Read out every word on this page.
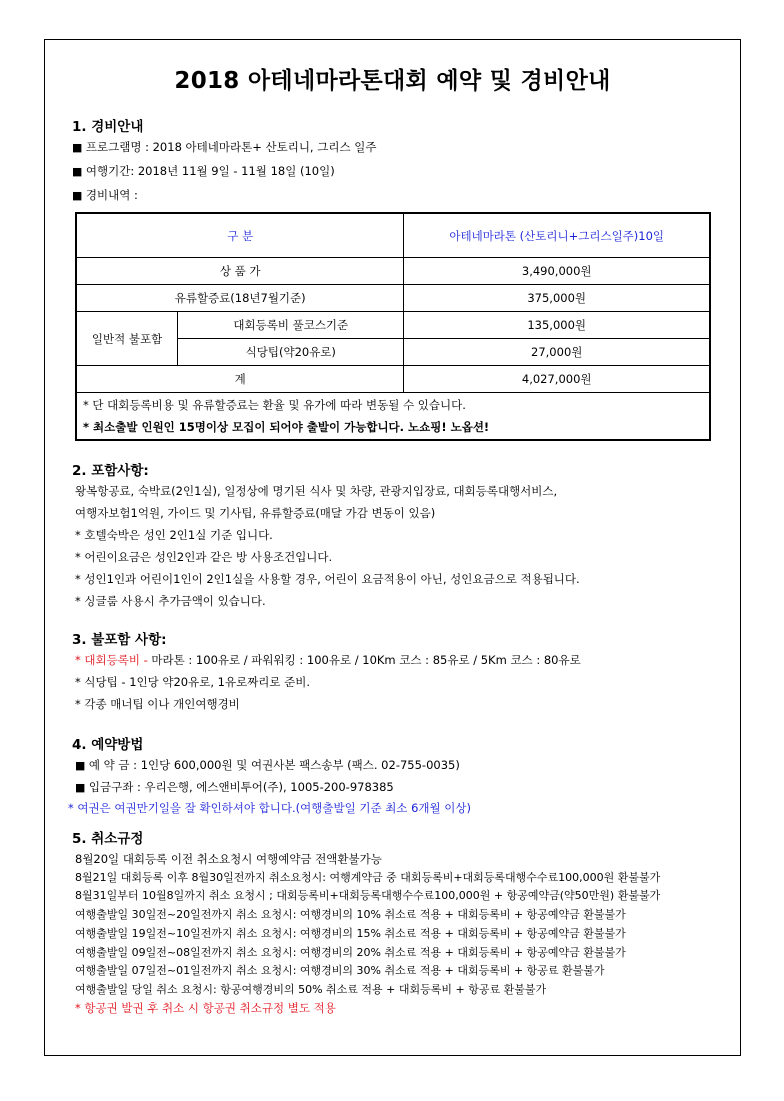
2018 아테네마라톤대회 예약 및 경비안내
1. 경비안내
■ 프로그램명 : 2018 아테네마라톤+ 산토리니, 그리스 일주
■ 여행기간: 2018년 11월 9일 - 11월 18일 (10일)
■ 경비내역 :
구 분		아테네마라톤 (산토리니+그리스일주)10일
상 품 가		3,490,000원
유류할증료(18년7월기준)		375,000원
일반적 불포함	대회등록비 풀코스기준	135,000원
	식당팁(약20유로)	27,000원
계		4,027,000원

* 단 대회등록비용 및 유류할증료는 환율 및 유가에 따라 변동될 수 있습니다.
* 최소출발 인원인 15명이상 모집이 되어야 출발이 가능합니다. 노쇼핑! 노옵션!		
2. 포함사항:
왕복항공료, 숙박료(2인1실), 일정상에 명기된 식사 및 차량, 관광지입장료, 대회등록대행서비스,
여행자보험1억원, 가이드 및 기사팁, 유류할증료(매달 가감 변동이 있음)
* 호텔숙박은 성인 2인1실 기준 입니다.
* 어린이요금은 성인2인과 같은 방 사용조건입니다.
* 성인1인과 어린이1인이 2인1실을 사용할 경우, 어린이 요금적용이 아닌, 성인요금으로 적용됩니다.
* 싱글룸 사용시 추가금액이 있습니다.
3. 불포함 사항:
* 대회등록비 - 마라톤 : 100유로 / 파워워킹 : 100유로 / 10Km 코스 : 85유로 / 5Km 코스 : 80유로
* 식당팁 - 1인당 약20유로, 1유로짜리로 준비.
* 각종 매너팁 이나 개인여행경비
4. 예약방법
■ 예 약 금 : 1인당 600,000원 및 여권사본 팩스송부 (팩스. 02-755-0035)
■ 입금구좌 : 우리은행, 에스앤비투어(주), 1005-200-978385
* 여권은 여권만기일을 잘 확인하셔야 합니다.(여행출발일 기준 최소 6개월 이상)
5. 취소규정
8월20일 대회등록 이전 취소요청시 여행예약금 전액환불가능
8월21일 대회등록 이후 8월30일전까지 취소요청시: 여행계약금 중 대회등록비+대회등록대행수수료100,000원 환불불가
8월31일부터 10월8일까지 취소 요청시 ; 대회등록비+대회등록대행수수료100,000원 + 항공예약금(약50만원) 환불불가
여행출발일 30일전~20일전까지 취소 요청시: 여행경비의 10% 취소료 적용 + 대회등록비 + 항공예약금 환불불가
여행출발일 19일전~10일전까지 취소 요청시: 여행경비의 15% 취소료 적용 + 대회등록비 + 항공예약금 환불불가
여행출발일 09일전~08일전까지 취소 요청시: 여행경비의 20% 취소료 적용 + 대회등록비 + 항공예약금 환불불가
여행출발일 07일전~01일전까지 취소 요청시: 여행경비의 30% 취소료 적용 + 대회등록비 + 항공료 환불불가
여행출발일 당일 취소 요청시: 항공여행경비의 50% 취소료 적용 + 대회등록비 + 항공료 환불불가
* 항공권 발권 후 취소 시 항공권 취소규정 별도 적용
